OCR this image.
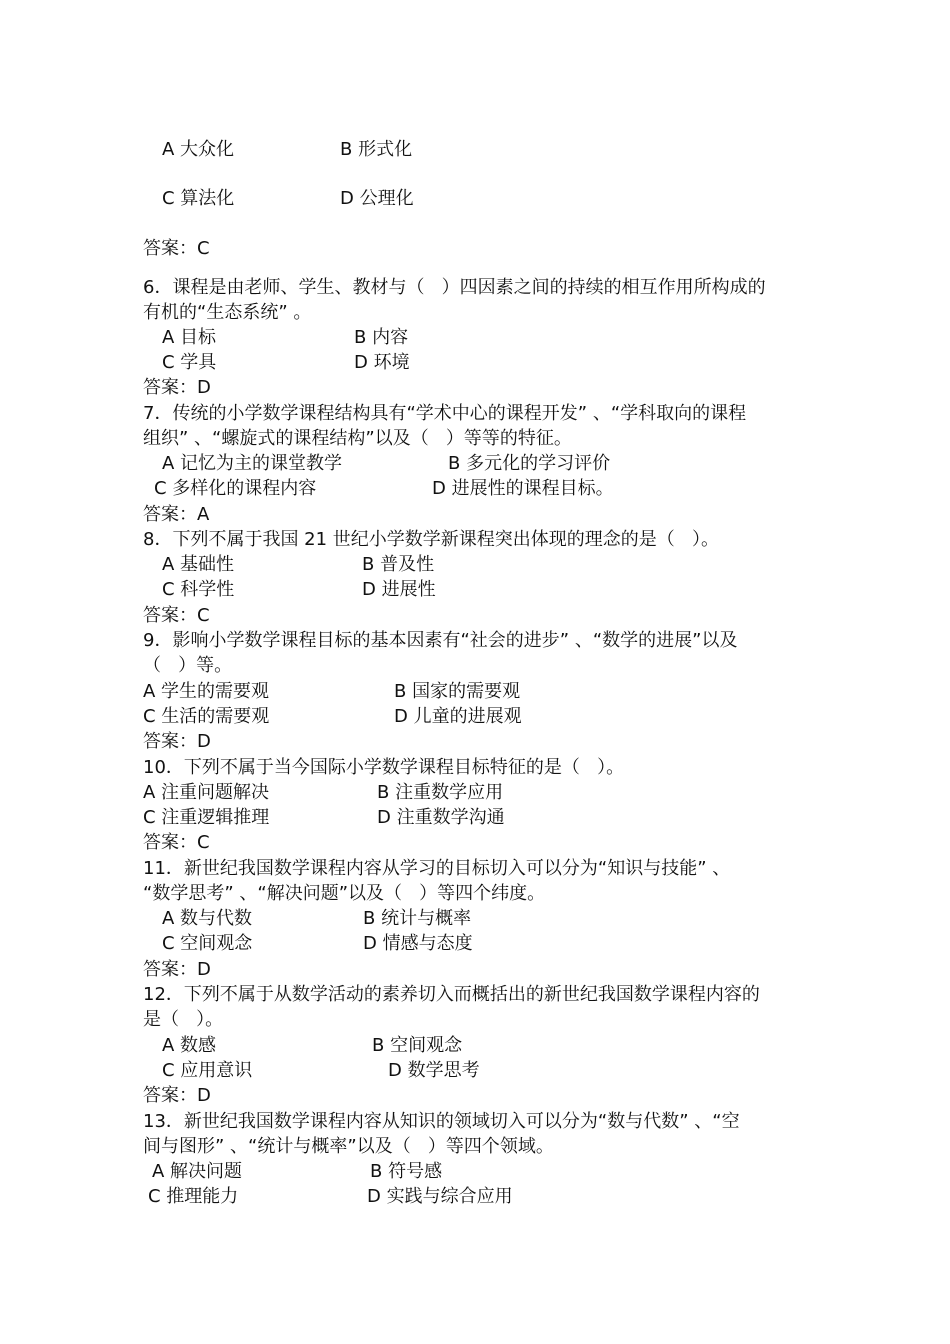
A 大众化	B 形式化
C 算法化	D 公理化
答案：C
6．课程是由老师、学生、教材与（   ）四因素之间的持续的相互作用所构成的
有机的“生态系统” 。
A 目标	B 内容
C 学具	D 环境
答案：D
7．传统的小学数学课程结构具有“学术中心的课程开发” 、“学科取向的课程
组织” 、“螺旋式的课程结构”以及（   ）等等的特征。
A 记忆为主的课堂教学	B 多元化的学习评价
C 多样化的课程内容	D 进展性的课程目标。
答案：A
8．下列不属于我国 21 世纪小学数学新课程突出体现的理念的是（   ）。
A 基础性	B 普及性
C 科学性	D 进展性
答案：C
9．影响小学数学课程目标的基本因素有“社会的进步” 、“数学的进展”以及
（   ）等。
A 学生的需要观	B 国家的需要观
C 生活的需要观	D 儿童的进展观
答案：D
10．下列不属于当今国际小学数学课程目标特征的是（   ）。
A 注重问题解决	B 注重数学应用
C 注重逻辑推理	D 注重数学沟通
答案：C
11．新世纪我国数学课程内容从学习的目标切入可以分为“知识与技能” 、
“数学思考” 、“解决问题”以及（   ）等四个纬度。
A 数与代数	B 统计与概率
C 空间观念	D 情感与态度
答案：D
12．下列不属于从数学活动的素养切入而概括出的新世纪我国数学课程内容的
是（   ）。
A 数感	B 空间观念
C 应用意识	D 数学思考
答案：D
13．新世纪我国数学课程内容从知识的领域切入可以分为“数与代数” 、“空
间与图形” 、“统计与概率”以及（   ）等四个领域。
A 解决问题	B 符号感
C 推理能力	D 实践与综合应用
